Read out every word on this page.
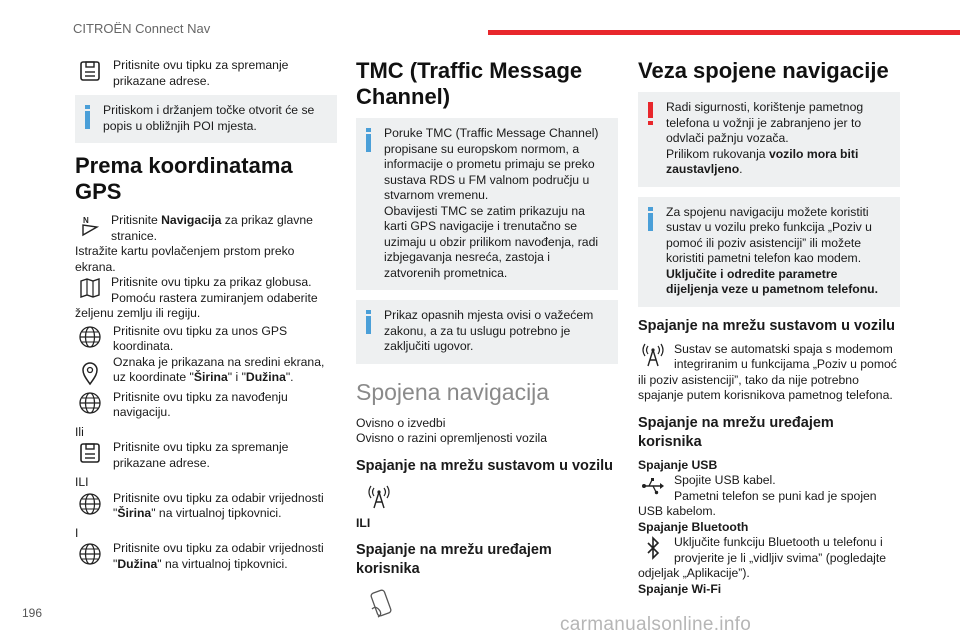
CITROËN Connect Nav
Pritisnite ovu tipku za spremanje prikazane adrese.
Pritiskom i držanjem točke otvorit će se popis u obližnjih POI mjesta.
Prema koordinatama GPS
Pritisnite Navigacija za prikaz glavne stranice.

Istražite kartu povlačenjem prstom preko ekrana.

Pritisnite ovu tipku za prikaz globusa. Pomoću rastera zumiranjem odaberite željenu zemlju ili regiju.
Pritisnite ovu tipku za unos GPS koordinata.
Oznaka je prikazana na sredini ekrana, uz koordinate "Širina" i "Dužina".
Pritisnite ovu tipku za navođenju navigaciju.

Ili

Pritisnite ovu tipku za spremanje prikazane adrese.

ILI

Pritisnite ovu tipku za odabir vrijednosti "Širina" na virtualnoj tipkovnici.

I

Pritisnite ovu tipku za odabir vrijednosti "Dužina" na virtualnoj tipkovnici.
TMC (Traffic Message Channel)
Poruke TMC (Traffic Message Channel) propisane su europskom normom, a informacije o prometu primaju se preko sustava RDS u FM valnom području u stvarnom vremenu.
Obavijesti TMC se zatim prikazuju na karti GPS navigacije i trenutačno se uzimaju u obzir prilikom navođenja, radi izbjegavanja nesreća, zastoja i zatvorenih prometnica.
Prikaz opasnih mjesta ovisi o važećem zakonu, a za tu uslugu potrebno je zaključiti ugovor.
Spojena navigacija

Ovisno o izvedbi

Ovisno o razini opremljenosti vozila

Spajanje na mrežu sustavom u vozilu

ILI

Spajanje na mrežu uređajem korisnika
Veza spojene navigacije
Radi sigurnosti, korištenje pametnog telefona u vožnji je zabranjeno jer to odvlači pažnju vozača.
Prilikom rukovanja vozilo mora biti zaustavljeno.
Za spojenu navigaciju možete koristiti sustav u vozilu preko funkcija „Poziv u pomoć ili poziv asistenciji” ili možete koristiti pametni telefon kao modem.
Uključite i odredite parametre dijeljenja veze u pametnom telefonu.
Spajanje na mrežu sustavom u vozilu
Sustav se automatski spaja s modemom integriranim u funkcijama „Poziv u pomoć ili poziv asistenciji”, tako da nije potrebno spajanje putem korisnikova pametnog telefona.
Spajanje na mrežu uređajem korisnika

Spajanje USB

Spojite USB kabel.
Pametni telefon se puni kad je spojen USB kabelom.

Spajanje Bluetooth

Uključite funkciju Bluetooth u telefonu i provjerite je li „vidljiv svima” (pogledajte odjeljak „Aplikacije”).

Spajanje Wi-Fi

196
carmanualsonline.info
